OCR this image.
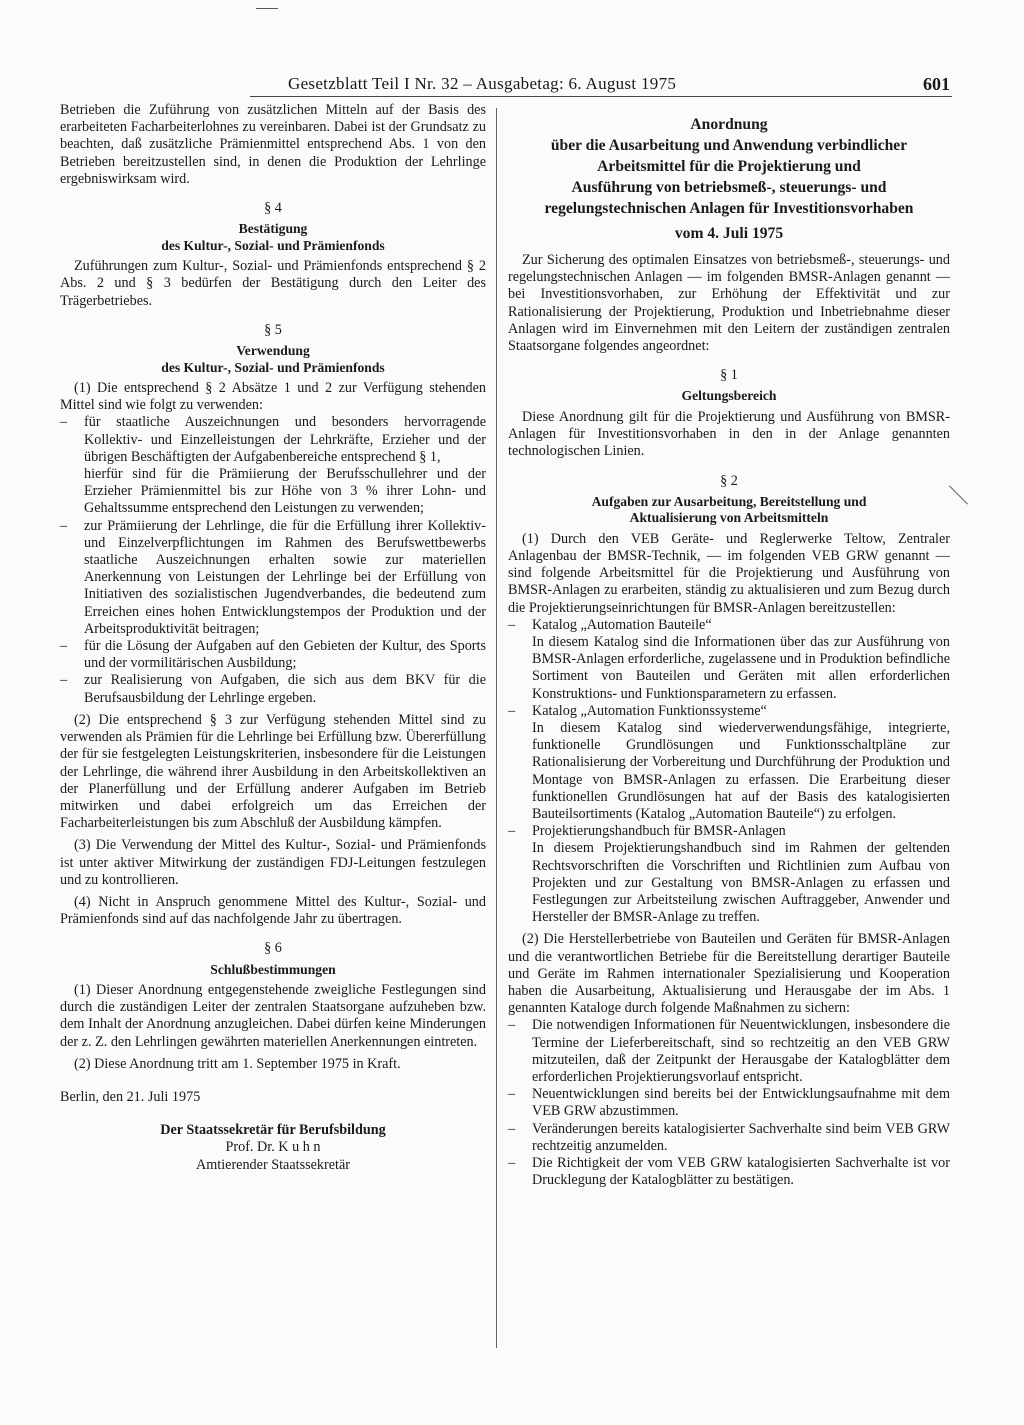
Gesetzblatt Teil I Nr. 32 – Ausgabetag: 6. August 1975	601

Betrieben die Zuführung von zusätzlichen Mitteln auf der Basis des erarbeiteten Facharbeiterlohnes zu vereinbaren. Dabei ist der Grundsatz zu beachten, daß zusätzliche Prämienmittel entsprechend Abs. 1 von den Betrieben bereitzustellen sind, in denen die Produktion der Lehrlinge ergebniswirksam wird.

§ 4

Bestätigung
des Kultur-, Sozial- und Prämienfonds

Zuführungen zum Kultur-, Sozial- und Prämienfonds entsprechend § 2 Abs. 2 und § 3 bedürfen der Bestätigung durch den Leiter des Trägerbetriebes.

§ 5

Verwendung
des Kultur-, Sozial- und Prämienfonds

(1) Die entsprechend § 2 Absätze 1 und 2 zur Verfügung stehenden Mittel sind wie folgt zu verwenden:

– für staatliche Auszeichnungen und besonders hervorragende Kollektiv- und Einzelleistungen der Lehrkräfte, Erzieher und der übrigen Beschäftigten der Aufgabenbereiche entsprechend § 1,

hierfür sind für die Prämiierung der Berufsschullehrer und der Erzieher Prämienmittel bis zur Höhe von 3 % ihrer Lohn- und Gehaltssumme entsprechend den Leistungen zu verwenden;

– zur Prämiierung der Lehrlinge, die für die Erfüllung ihrer Kollektiv- und Einzelverpflichtungen im Rahmen des Berufswettbewerbs staatliche Auszeichnungen erhalten sowie zur materiellen Anerkennung von Leistungen der Lehrlinge bei der Erfüllung von Initiativen des sozialistischen Jugendverbandes, die bedeutend zum Erreichen eines hohen Entwicklungstempos der Produktion und der Arbeitsproduktivität beitragen;
– für die Lösung der Aufgaben auf den Gebieten der Kultur, des Sports und der vormilitärischen Ausbildung;
– zur Realisierung von Aufgaben, die sich aus dem BKV für die Berufsausbildung der Lehrlinge ergeben.

(2) Die entsprechend § 3 zur Verfügung stehenden Mittel sind zu verwenden als Prämien für die Lehrlinge bei Erfüllung bzw. Übererfüllung der für sie festgelegten Leistungskriterien, insbesondere für die Leistungen der Lehrlinge, die während ihrer Ausbildung in den Arbeitskollektiven an der Planerfüllung und der Erfüllung anderer Aufgaben im Betrieb mitwirken und dabei erfolgreich um das Erreichen der Facharbeiterleistungen bis zum Abschluß der Ausbildung kämpfen.

(3) Die Verwendung der Mittel des Kultur-, Sozial- und Prämienfonds ist unter aktiver Mitwirkung der zuständigen FDJ-Leitungen festzulegen und zu kontrollieren.

(4) Nicht in Anspruch genommene Mittel des Kultur-, Sozial- und Prämienfonds sind auf das nachfolgende Jahr zu übertragen.

§ 6

Schlußbestimmungen

(1) Dieser Anordnung entgegenstehende zweigliche Festlegungen sind durch die zuständigen Leiter der zentralen Staatsorgane aufzuheben bzw. dem Inhalt der Anordnung anzugleichen. Dabei dürfen keine Minderungen der z. Z. den Lehrlingen gewährten materiellen Anerkennungen eintreten.

(2) Diese Anordnung tritt am 1. September 1975 in Kraft.

Berlin, den 21. Juli 1975

Der Staatssekretär für Berufsbildung

Prof. Dr. K u h n

Amtierender Staatssekretär

Anordnung
über die Ausarbeitung und Anwendung verbindlicher
Arbeitsmittel für die Projektierung und
Ausführung von betriebsmeß-, steuerungs- und
regelungstechnischen Anlagen für Investitionsvorhaben
vom 4. Juli 1975

Zur Sicherung des optimalen Einsatzes von betriebsmeß-, steuerungs- und regelungstechnischen Anlagen — im folgenden BMSR-Anlagen genannt — bei Investitionsvorhaben, zur Erhöhung der Effektivität und zur Rationalisierung der Projektierung, Produktion und Inbetriebnahme dieser Anlagen wird im Einvernehmen mit den Leitern der zuständigen zentralen Staatsorgane folgendes angeordnet:

§ 1

Geltungsbereich

Diese Anordnung gilt für die Projektierung und Ausführung von BMSR-Anlagen für Investitionsvorhaben in den in der Anlage genannten technologischen Linien.

§ 2

Aufgaben zur Ausarbeitung, Bereitstellung und
Aktualisierung von Arbeitsmitteln

(1) Durch den VEB Geräte- und Reglerwerke Teltow, Zentraler Anlagenbau der BMSR-Technik, — im folgenden VEB GRW genannt — sind folgende Arbeitsmittel für die Projektierung und Ausführung von BMSR-Anlagen zu erarbeiten, ständig zu aktualisieren und zum Bezug durch die Projektierungseinrichtungen für BMSR-Anlagen bereitzustellen:

– Katalog „Automation Bauteile“

In diesem Katalog sind die Informationen über das zur Ausführung von BMSR-Anlagen erforderliche, zugelassene und in Produktion befindliche Sortiment von Bauteilen und Geräten mit allen erforderlichen Konstruktions- und Funktionsparametern zu erfassen.

– Katalog „Automation Funktionssysteme“

In diesem Katalog sind wiederverwendungsfähige, integrierte, funktionelle Grundlösungen und Funktionsschaltpläne zur Rationalisierung der Vorbereitung und Durchführung der Produktion und Montage von BMSR-Anlagen zu erfassen. Die Erarbeitung dieser funktionellen Grundlösungen hat auf der Basis des katalogisierten Bauteilsortiments (Katalog „Automation Bauteile“) zu erfolgen.

– Projektierungshandbuch für BMSR-Anlagen

In diesem Projektierungshandbuch sind im Rahmen der geltenden Rechtsvorschriften die Vorschriften und Richtlinien zum Aufbau von Projekten und zur Gestaltung von BMSR-Anlagen zu erfassen und Festlegungen zur Arbeitsteilung zwischen Auftraggeber, Anwender und Hersteller der BMSR-Anlage zu treffen.

(2) Die Herstellerbetriebe von Bauteilen und Geräten für BMSR-Anlagen und die verantwortlichen Betriebe für die Bereitstellung derartiger Bauteile und Geräte im Rahmen internationaler Spezialisierung und Kooperation haben die Ausarbeitung, Aktualisierung und Herausgabe der im Abs. 1 genannten Kataloge durch folgende Maßnahmen zu sichern:

– Die notwendigen Informationen für Neuentwicklungen, insbesondere die Termine der Lieferbereitschaft, sind so rechtzeitig an den VEB GRW mitzuteilen, daß der Zeitpunkt der Herausgabe der Katalogblätter dem erforderlichen Projektierungsvorlauf entspricht.
– Neuentwicklungen sind bereits bei der Entwicklungsaufnahme mit dem VEB GRW abzustimmen.
– Veränderungen bereits katalogisierter Sachverhalte sind beim VEB GRW rechtzeitig anzumelden.
– Die Richtigkeit der vom VEB GRW katalogisierten Sachverhalte ist vor Drucklegung der Katalogblätter zu bestätigen.
